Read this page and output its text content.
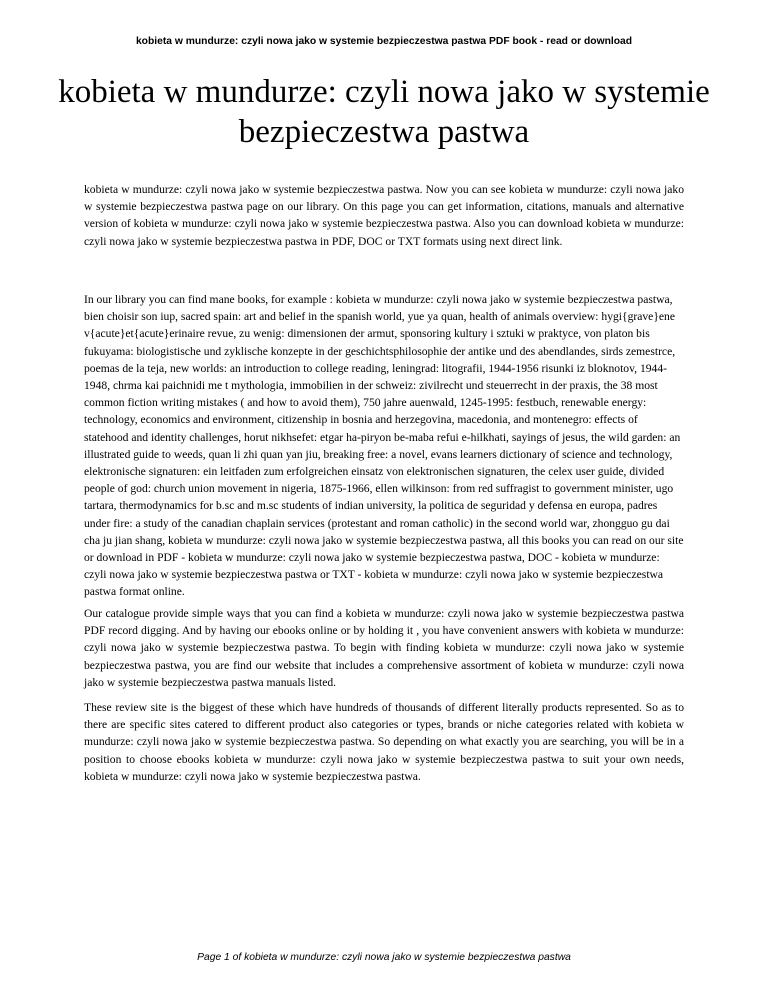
kobieta w mundurze: czyli nowa jako w systemie bezpieczestwa pastwa PDF book - read or download
kobieta w mundurze: czyli nowa jako w systemie bezpieczestwa pastwa

kobieta w mundurze: czyli nowa jako w systemie bezpieczestwa pastwa. Now you can see kobieta w mundurze: czyli nowa jako w systemie bezpieczestwa pastwa page on our library. On this page you can get information, citations, manuals and alternative version of kobieta w mundurze: czyli nowa jako w systemie bezpieczestwa pastwa. Also you can download kobieta w mundurze: czyli nowa jako w systemie bezpieczestwa pastwa in PDF, DOC or TXT formats using next direct link.

In our library you can find mane books, for example : kobieta w mundurze: czyli nowa jako w systemie bezpieczestwa pastwa, bien choisir son iup, sacred spain: art and belief in the spanish world, yue ya quan, health of animals overview: hygi{grave}ene v{acute}et{acute}erinaire revue, zu wenig: dimensionen der armut, sponsoring kultury i sztuki w praktyce, von platon bis fukuyama: biologistische und zyklische konzepte in der geschichtsphilosophie der antike und des abendlandes, sirds zemestrce, poemas de la teja, new worlds: an introduction to college reading, leningrad: litografii, 1944-1956 risunki iz bloknotov, 1944-1948, chrma kai paichnidi me t mythologia, immobilien in der schweiz: zivilrecht und steuerrecht in der praxis, the 38 most common fiction writing mistakes ( and how to avoid them), 750 jahre auenwald, 1245-1995: festbuch, renewable energy: technology, economics and environment, citizenship in bosnia and herzegovina, macedonia, and montenegro: effects of statehood and identity challenges, horut nikhsefet: etgar ha-piryon be-maba refui e-hilkhati, sayings of jesus, the wild garden: an illustrated guide to weeds, quan li zhi quan yan jiu, breaking free: a novel, evans learners dictionary of science and technology, elektronische signaturen: ein leitfaden zum erfolgreichen einsatz von elektronischen signaturen, the celex user guide, divided people of god: church union movement in nigeria, 1875-1966, ellen wilkinson: from red suffragist to government minister, ugo tartara, thermodynamics for b.sc and m.sc students of indian university, la politica de seguridad y defensa en europa, padres under fire: a study of the canadian chaplain services (protestant and roman catholic) in the second world war, zhongguo gu dai cha ju jian shang, kobieta w mundurze: czyli nowa jako w systemie bezpieczestwa pastwa, all this books you can read on our site or download in PDF - kobieta w mundurze: czyli nowa jako w systemie bezpieczestwa pastwa, DOC - kobieta w mundurze: czyli nowa jako w systemie bezpieczestwa pastwa or TXT - kobieta w mundurze: czyli nowa jako w systemie bezpieczestwa pastwa format online.

Our catalogue provide simple ways that you can find a kobieta w mundurze: czyli nowa jako w systemie bezpieczestwa pastwa PDF record digging. And by having our ebooks online or by holding it , you have convenient answers with kobieta w mundurze: czyli nowa jako w systemie bezpieczestwa pastwa. To begin with finding kobieta w mundurze: czyli nowa jako w systemie bezpieczestwa pastwa, you are find our website that includes a comprehensive assortment of kobieta w mundurze: czyli nowa jako w systemie bezpieczestwa pastwa manuals listed.

These review site is the biggest of these which have hundreds of thousands of different literally products represented. So as to there are specific sites catered to different product also categories or types, brands or niche categories related with kobieta w mundurze: czyli nowa jako w systemie bezpieczestwa pastwa. So depending on what exactly you are searching, you will be in a position to choose ebooks kobieta w mundurze: czyli nowa jako w systemie bezpieczestwa pastwa to suit your own needs, kobieta w mundurze: czyli nowa jako w systemie bezpieczestwa pastwa.

Page 1 of kobieta w mundurze: czyli nowa jako w systemie bezpieczestwa pastwa
